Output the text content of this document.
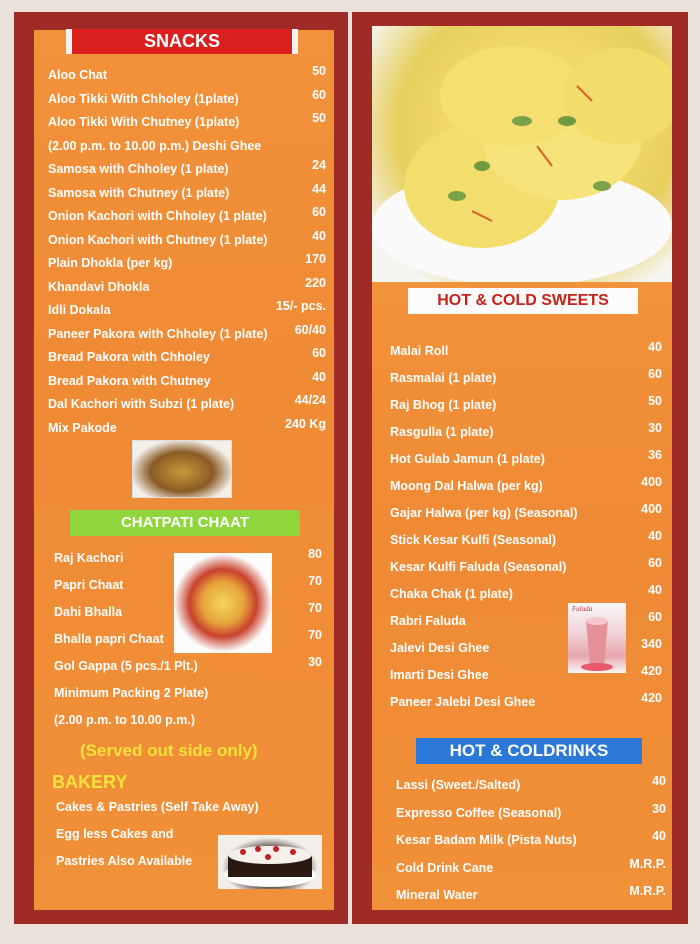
SNACKS
Aloo Chat	50
Aloo Tikki With Chholey (1plate)	60
Aloo Tikki With Chutney (1plate)	50
(2.00 p.m. to 10.00 p.m.) Deshi Ghee
Samosa with Chholey (1 plate)	24
Samosa with Chutney (1 plate)	44
Onion Kachori with Chholey (1 plate)	60
Onion Kachori with Chutney (1 plate)	40
Plain Dhokla (per kg)	170
Khandavi Dhokla	220
Idli Dokala	15/- pcs.
Paneer Pakora with Chholey (1 plate) 60/40
Bread Pakora with Chholey	60
Bread Pakora with Chutney	40
Dal Kachori with Subzi (1 plate)	44/24
Mix Pakode	240 Kg
CHATPATI CHAAT
Raj Kachori	80
Papri Chaat	70
Dahi Bhalla	70
Bhalla papri Chaat	70
Gol Gappa (5 pcs./1 Plt.)	30
Minimum Packing 2 Plate)
(2.00 p.m. to 10.00 p.m.)
(Served out side only)
BAKERY
Cakes & Pastries (Self Take Away)
Egg less Cakes and
Pastries Also Available
HOT & COLD SWEETS
Malai Roll	40
Rasmalai (1 plate)	60
Raj Bhog (1 plate)	50
Rasgulla (1 plate)	30
Hot Gulab Jamun (1 plate)	36
Moong Dal Halwa (per kg)	400
Gajar Halwa (per kg) (Seasonal)	400
Stick Kesar Kulfi (Seasonal)	40
Kesar Kulfi Faluda (Seasonal)	60
Chaka Chak (1 plate)	40
Rabri Faluda	60
Jalevi Desi Ghee	340
Imarti Desi Ghee	420
Paneer Jalebi Desi Ghee	420
Faluda
HOT & COLDRINKS
Lassi (Sweet./Salted)	40
Expresso Coffee (Seasonal)	30
Kesar Badam Milk (Pista Nuts)	40
Cold Drink Cane	M.R.P.
Mineral Water	M.R.P.
